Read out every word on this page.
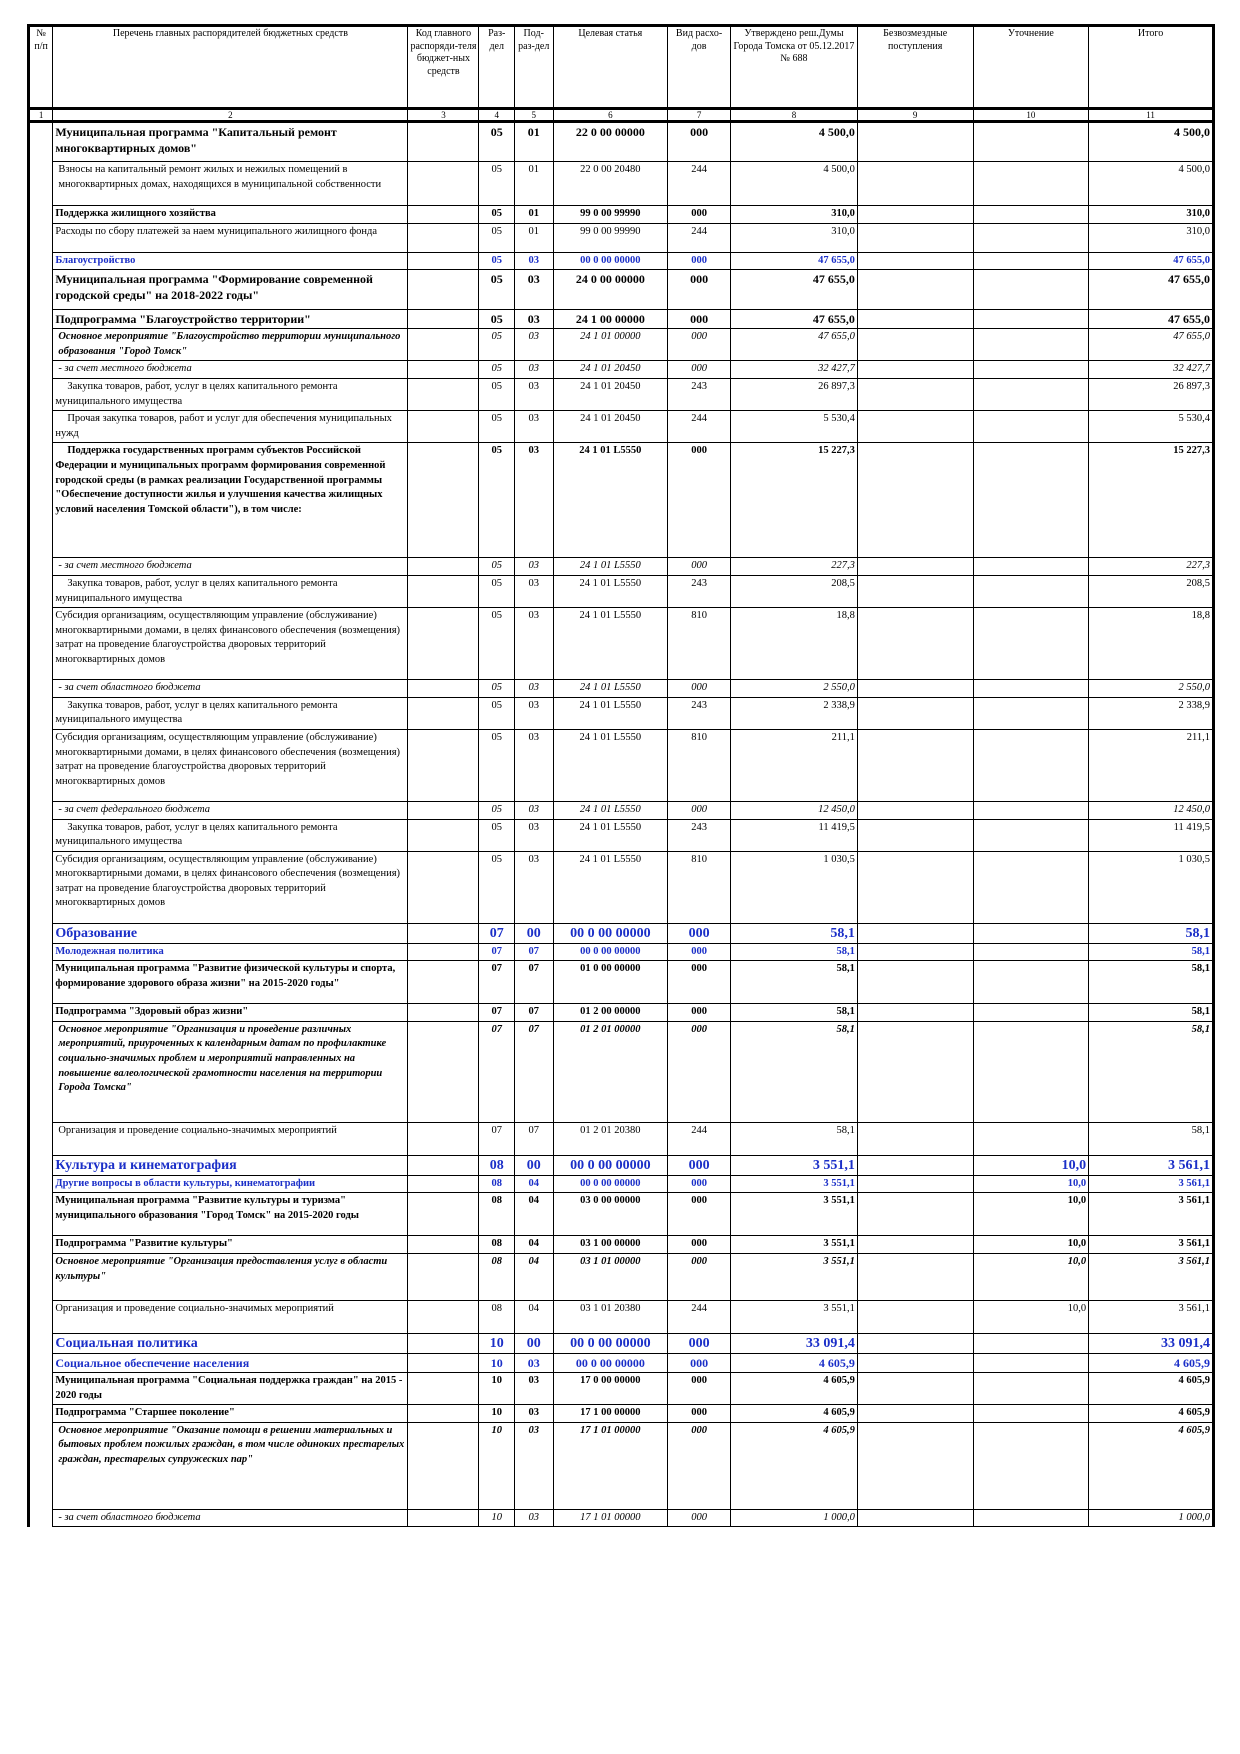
№ п/п	Перечень главных распорядителей бюджетных средств	Код главного распоряди-теля бюджет-ных средств	Раз-дел	Под-раз-дел	Целевая статья	Вид расхо-дов	Утверждено реш.Думы Города Томска от 05.12.2017 № 688	Безвозмездные поступления	Уточнение	Итого
1	2	3	4	5	6	7	8	9	10	11
	Муниципальная программа "Капитальный ремонт многоквартирных домов"		05	01	22 0 00 00000	000	4 500,0			4 500,0
	Взносы на капитальный ремонт жилых и нежилых помещений в многоквартирных домах, находящихся в муниципальной собственности		05	01	22 0 00 20480	244	4 500,0			4 500,0
	Поддержка жилищного хозяйства		05	01	99 0 00 99990	000	310,0			310,0
	Расходы по сбору платежей за наем муниципального жилищного фонда		05	01	99 0 00 99990	244	310,0			310,0
	Благоустройство		05	03	00 0 00 00000	000	47 655,0			47 655,0
	Муниципальная программа "Формирование современной городской среды" на 2018-2022 годы"		05	03	24 0 00 00000	000	47 655,0			47 655,0
	Подпрограмма "Благоустройство территории"		05	03	24 1 00 00000	000	47 655,0			47 655,0
	Основное мероприятие "Благоустройство территории муниципального образования "Город Томск"		05	03	24 1 01 00000	000	47 655,0			47 655,0
	- за счет местного бюджета		05	03	24 1 01 20450	000	32 427,7			32 427,7
	Закупка товаров, работ, услуг в целях капитального ремонта муниципального имущества		05	03	24 1 01 20450	243	26 897,3			26 897,3
	Прочая закупка товаров, работ и услуг для обеспечения муниципальных нужд		05	03	24 1 01 20450	244	5 530,4			5 530,4
	Поддержка государственных программ субъектов Российской Федерации и муниципальных программ формирования современной городской среды (в рамках реализации Государственной программы "Обеспечение доступности жилья и улучшения качества жилищных условий населения Томской области"), в том числе:		05	03	24 1 01 L5550	000	15 227,3			15 227,3
	- за счет местного бюджета		05	03	24 1 01 L5550	000	227,3			227,3
	Закупка товаров, работ, услуг в целях капитального ремонта муниципального имущества		05	03	24 1 01 L5550	243	208,5			208,5
	Субсидия организациям, осуществляющим управление (обслуживание) многоквартирными домами, в целях финансового обеспечения (возмещения) затрат на проведение благоустройства дворовых территорий многоквартирных домов		05	03	24 1 01 L5550	810	18,8			18,8
	- за счет областного бюджета		05	03	24 1 01 L5550	000	2 550,0			2 550,0
	Закупка товаров, работ, услуг в целях капитального ремонта муниципального имущества		05	03	24 1 01 L5550	243	2 338,9			2 338,9
	Субсидия организациям, осуществляющим управление (обслуживание) многоквартирными домами, в целях финансового обеспечения (возмещения) затрат на проведение благоустройства дворовых территорий многоквартирных домов		05	03	24 1 01 L5550	810	211,1			211,1
	- за счет федерального бюджета		05	03	24 1 01 L5550	000	12 450,0			12 450,0
	Закупка товаров, работ, услуг в целях капитального ремонта муниципального имущества		05	03	24 1 01 L5550	243	11 419,5			11 419,5
	Субсидия организациям, осуществляющим управление (обслуживание) многоквартирными домами, в целях финансового обеспечения (возмещения) затрат на проведение благоустройства дворовых территорий многоквартирных домов		05	03	24 1 01 L5550	810	1 030,5			1 030,5
	Образование		07	00	00 0 00 00000	000	58,1			58,1
	Молодежная политика		07	07	00 0 00 00000	000	58,1			58,1
	Муниципальная программа "Развитие физической культуры и спорта, формирование здорового образа жизни" на 2015-2020 годы"		07	07	01 0 00 00000	000	58,1			58,1
	Подпрограмма "Здоровый образ жизни"		07	07	01 2 00 00000	000	58,1			58,1
	Основное мероприятие "Организация и проведение различных мероприятий, приуроченных к календарным датам по профилактике социально-значимых проблем и мероприятий направленных на повышение валеологической грамотности населения на территории Города Томска"		07	07	01 2 01 00000	000	58,1			58,1
	Организация и проведение социально-значимых мероприятий		07	07	01 2 01 20380	244	58,1			58,1
	Культура и кинематография		08	00	00 0 00 00000	000	3 551,1		10,0	3 561,1
	Другие вопросы в области культуры, кинематографии		08	04	00 0 00 00000	000	3 551,1		10,0	3 561,1
	Муниципальная программа "Развитие культуры и туризма" муниципального образования "Город Томск" на 2015-2020 годы		08	04	03 0 00 00000	000	3 551,1		10,0	3 561,1
	Подпрограмма "Развитие культуры"		08	04	03 1 00 00000	000	3 551,1		10,0	3 561,1
	Основное мероприятие "Организация предоставления услуг в области культуры"		08	04	03 1 01 00000	000	3 551,1		10,0	3 561,1
	Организация и проведение социально-значимых мероприятий		08	04	03 1 01 20380	244	3 551,1		10,0	3 561,1
	Социальная политика		10	00	00 0 00 00000	000	33 091,4			33 091,4
	Социальное обеспечение населения		10	03	00 0 00 00000	000	4 605,9			4 605,9
	Муниципальная программа "Социальная поддержка граждан" на 2015 - 2020 годы		10	03	17 0 00 00000	000	4 605,9			4 605,9
	Подпрограмма "Старшее поколение"		10	03	17 1 00 00000	000	4 605,9			4 605,9
	Основное мероприятие "Оказание помощи в решении материальных и бытовых проблем пожилых граждан, в том числе одиноких престарелых граждан, престарелых супружеских пар"		10	03	17 1 01 00000	000	4 605,9			4 605,9
	- за счет областного бюджета		10	03	17 1 01 00000	000	1 000,0			1 000,0
